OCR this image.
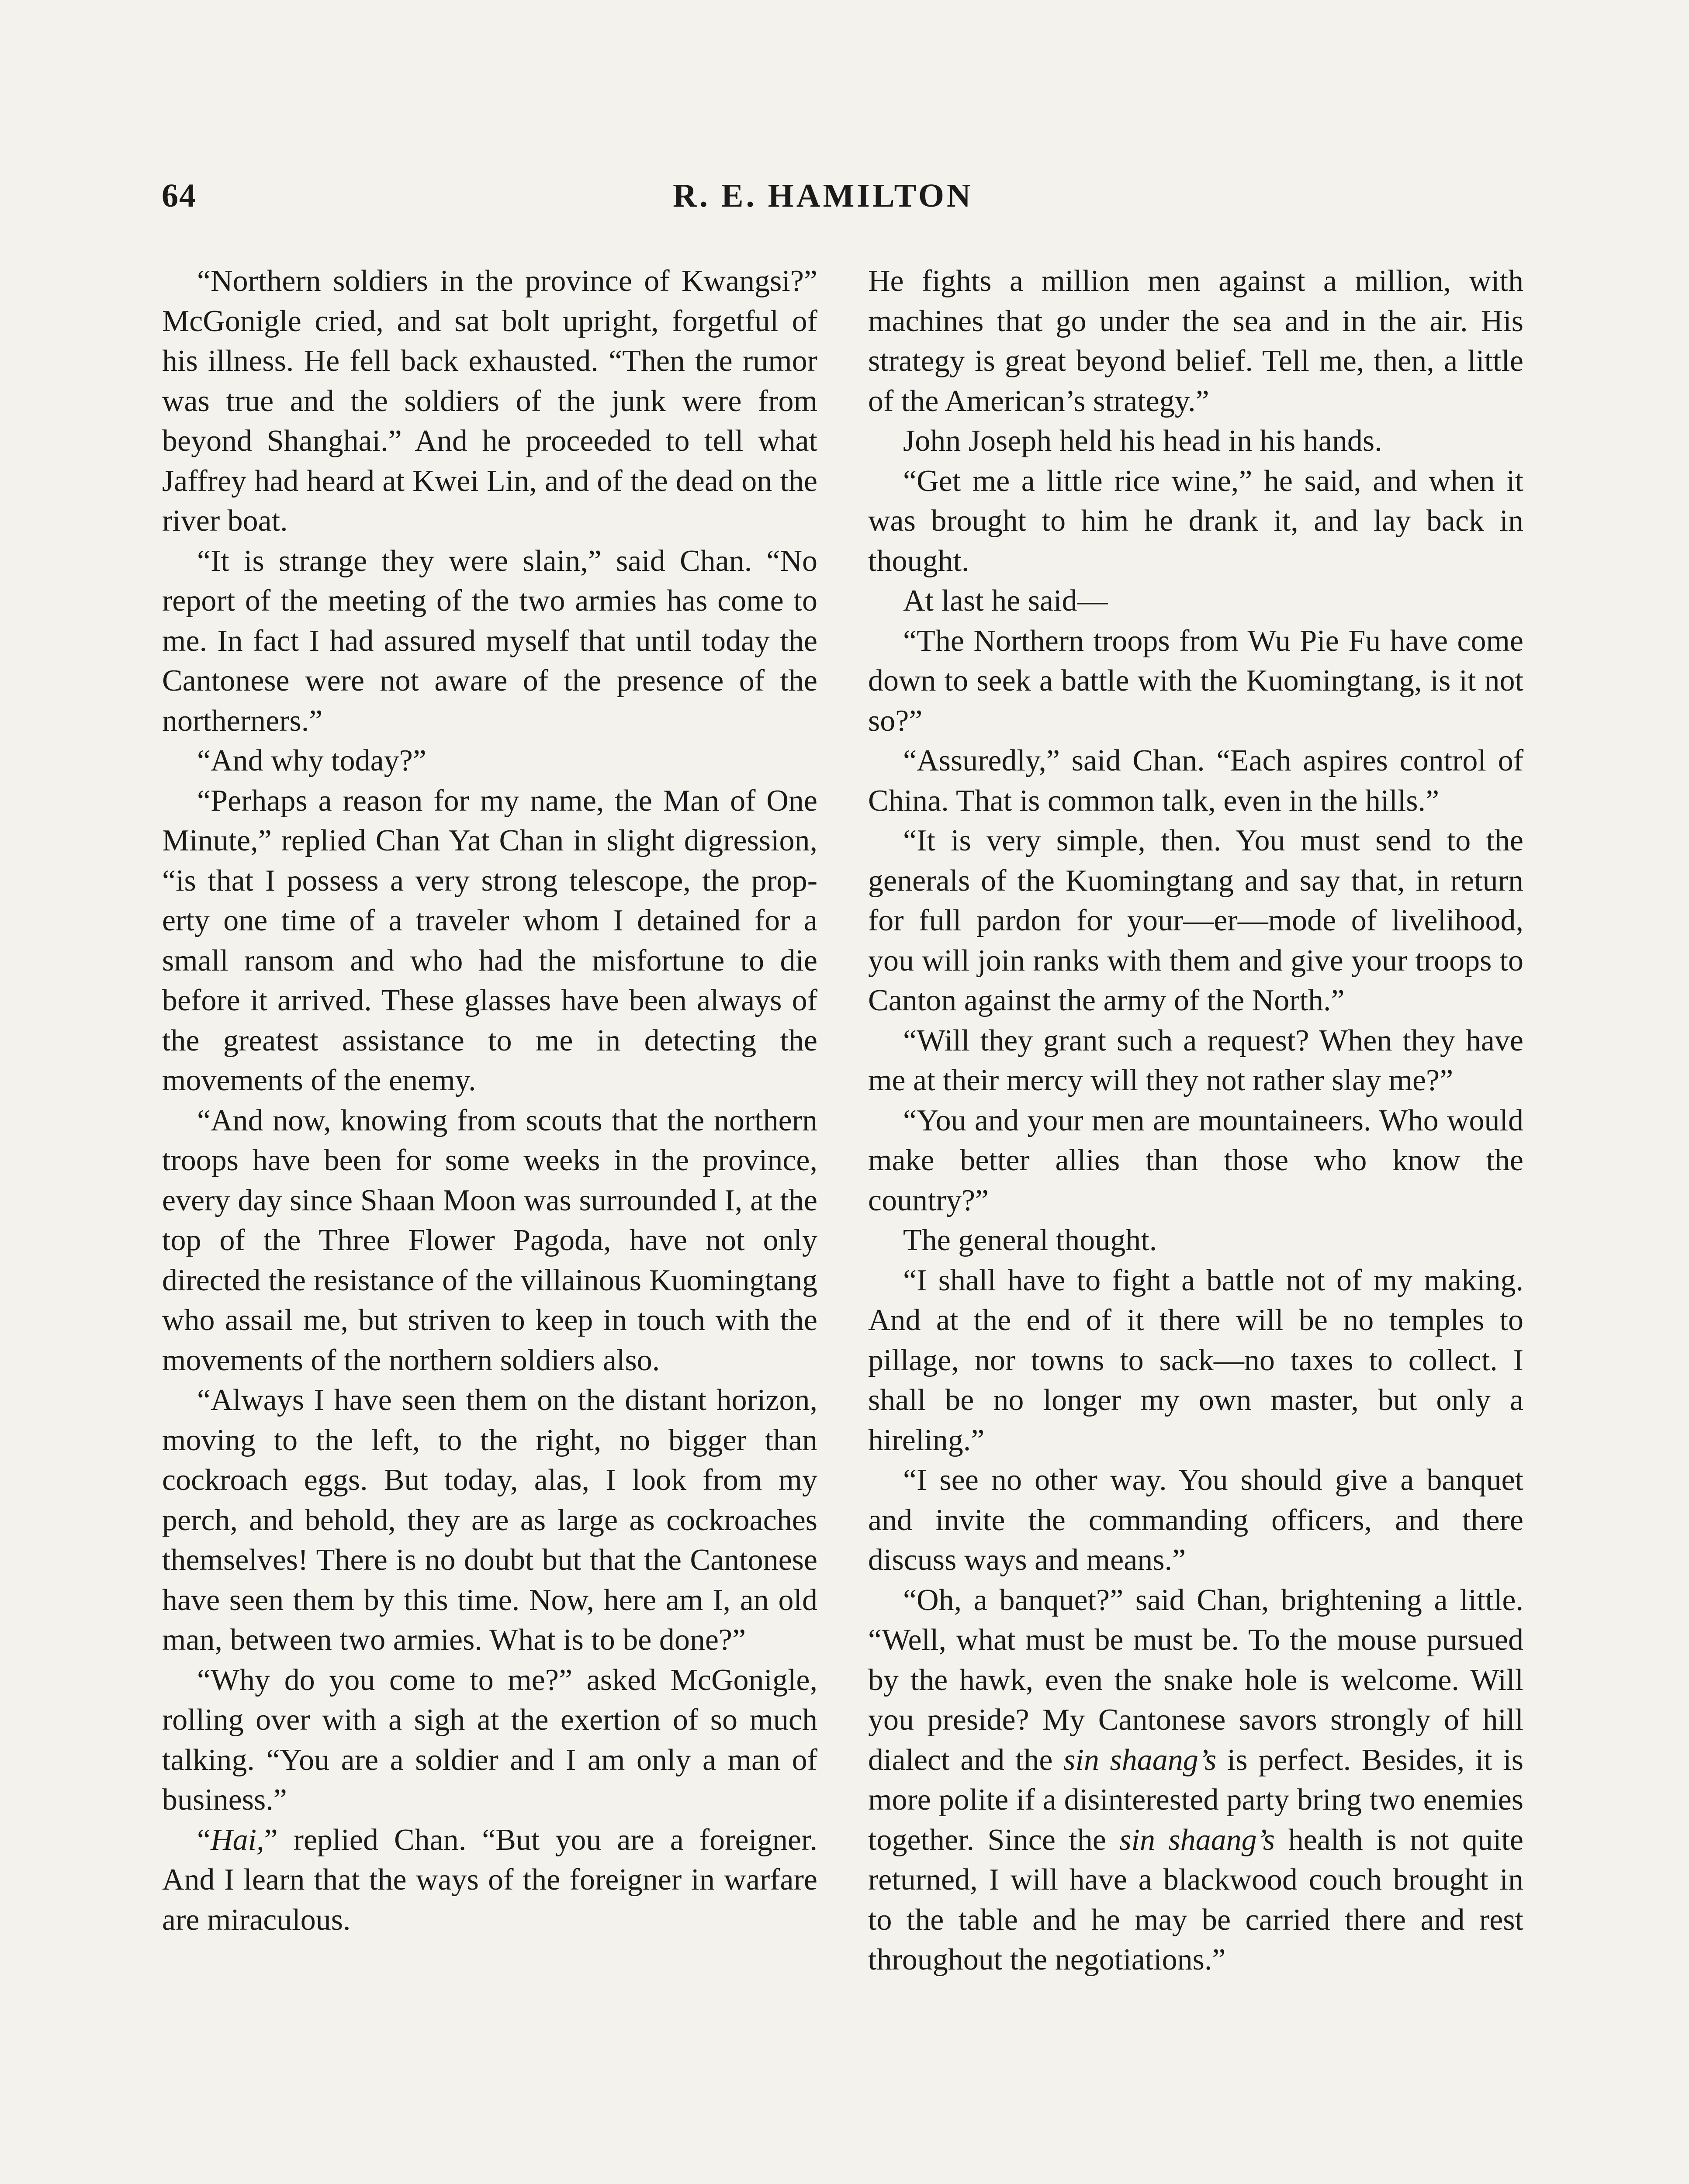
64	R. E. HAMILTON

“Northern soldiers in the province of Kwangsi?” McGonigle cried, and sat bolt upright, forgetful of his illness. He fell back exhausted. “Then the rumor was true and the soldiers of the junk were from beyond Shanghai.” And he proceeded to tell what Jaffrey had heard at Kwei Lin, and of the dead on the river boat.

“It is strange they were slain,” said Chan. “No report of the meeting of the two armies has come to me. In fact I had assured myself that until today the Cantonese were not aware of the presence of the northerners.”

“And why today?”

“Perhaps a reason for my name, the Man of One Minute,” replied Chan Yat Chan in slight digression, “is that I possess a very strong telescope, the property one time of a traveler whom I detained for a small ransom and who had the misfortune to die before it arrived. These glasses have been always of the greatest assistance to me in detecting the movements of the enemy.

“And now, knowing from scouts that the northern troops have been for some weeks in the province, every day since Shaan Moon was surrounded I, at the top of the Three Flower Pagoda, have not only directed the resistance of the villainous Kuomingtang who assail me, but striven to keep in touch with the movements of the northern soldiers also.

“Always I have seen them on the distant horizon, moving to the left, to the right, no bigger than cockroach eggs. But today, alas, I look from my perch, and behold, they are as large as cockroaches themselves! There is no doubt but that the Cantonese have seen them by this time. Now, here am I, an old man, between two armies. What is to be done?”

“Why do you come to me?” asked McGonigle, rolling over with a sigh at the exertion of so much talking. “You are a soldier and I am only a man of business.”

“Hai,” replied Chan. “But you are a foreigner. And I learn that the ways of the foreigner in warfare are miraculous.

He fights a million men against a million, with machines that go under the sea and in the air. His strategy is great beyond belief. Tell me, then, a little of the American’s strategy.”

John Joseph held his head in his hands.

“Get me a little rice wine,” he said, and when it was brought to him he drank it, and lay back in thought.

At last he said—

“The Northern troops from Wu Pie Fu have come down to seek a battle with the Kuomingtang, is it not so?”

“Assuredly,” said Chan. “Each aspires control of China. That is common talk, even in the hills.”

“It is very simple, then. You must send to the generals of the Kuomingtang and say that, in return for full pardon for your—er—mode of livelihood, you will join ranks with them and give your troops to Canton against the army of the North.”

“Will they grant such a request? When they have me at their mercy will they not rather slay me?”

“You and your men are mountaineers. Who would make better allies than those who know the country?”

The general thought.

“I shall have to fight a battle not of my making. And at the end of it there will be no temples to pillage, nor towns to sack—no taxes to collect. I shall be no longer my own master, but only a hireling.”

“I see no other way. You should give a banquet and invite the commanding officers, and there discuss ways and means.”

“Oh, a banquet?” said Chan, brightening a little. “Well, what must be must be. To the mouse pursued by the hawk, even the snake hole is welcome. Will you preside? My Cantonese savors strongly of hill dialect and the sin shaang’s is perfect. Besides, it is more polite if a disinterested party bring two enemies together. Since the sin shaang’s health is not quite returned, I will have a blackwood couch brought in to the table and he may be carried there and rest throughout the negotiations.”
